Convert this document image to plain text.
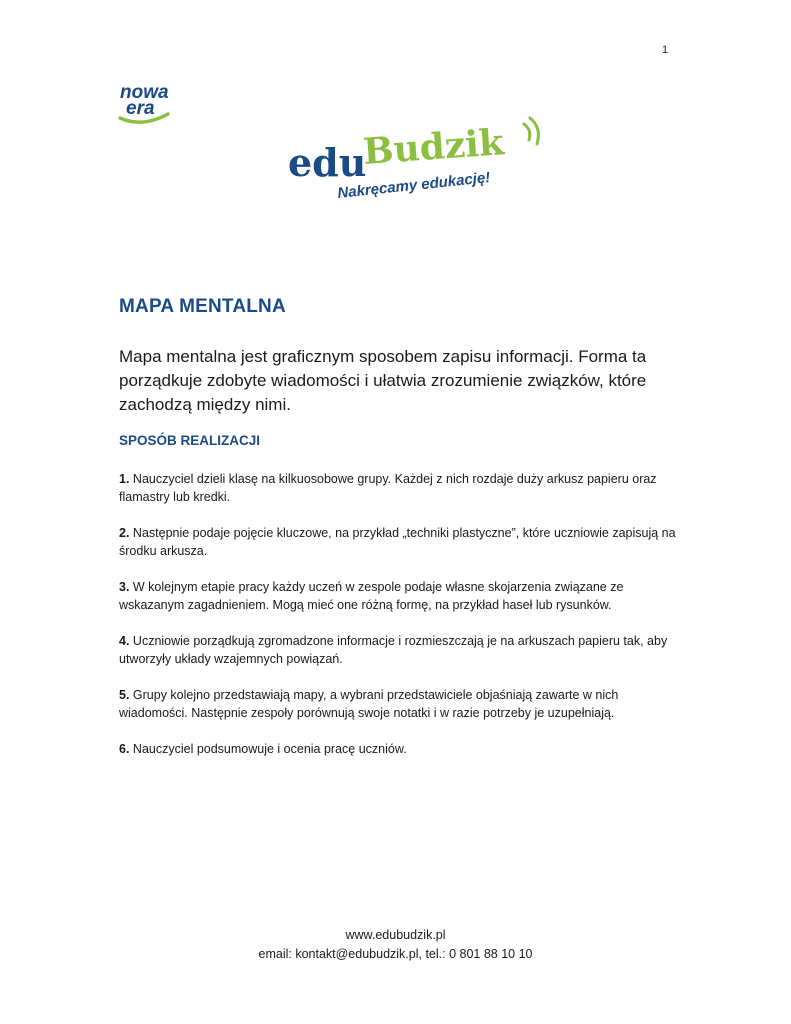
1
nowa
era
edu
Budzik
Nakręcamy edukację!
MAPA MENTALNA
Mapa mentalna jest graficznym sposobem zapisu informacji. Forma ta porządkuje zdobyte wiadomości i ułatwia zrozumienie związków, które zachodzą między nimi.
SPOSÓB REALIZACJI
1. Nauczyciel dzieli klasę na kilkuosobowe grupy. Każdej z nich rozdaje duży arkusz papieru oraz flamastry lub kredki.
2. Następnie podaje pojęcie kluczowe, na przykład „techniki plastyczne”, które uczniowie zapisują na środku arkusza.
3. W kolejnym etapie pracy każdy uczeń w zespole podaje własne skojarzenia związane ze wskazanym zagadnieniem. Mogą mieć one różną formę, na przykład haseł lub rysunków.
4. Uczniowie porządkują zgromadzone informacje i rozmieszczają je na arkuszach papieru tak, aby utworzyły układy wzajemnych powiązań.
5. Grupy kolejno przedstawiają mapy, a wybrani przedstawiciele objaśniają zawarte w nich wiadomości. Następnie zespoły porównują swoje notatki i w razie potrzeby je uzupełniają.
6. Nauczyciel podsumowuje i ocenia pracę uczniów.
www.edubudzik.pl
email: kontakt@edubudzik.pl, tel.: 0 801 88 10 10
